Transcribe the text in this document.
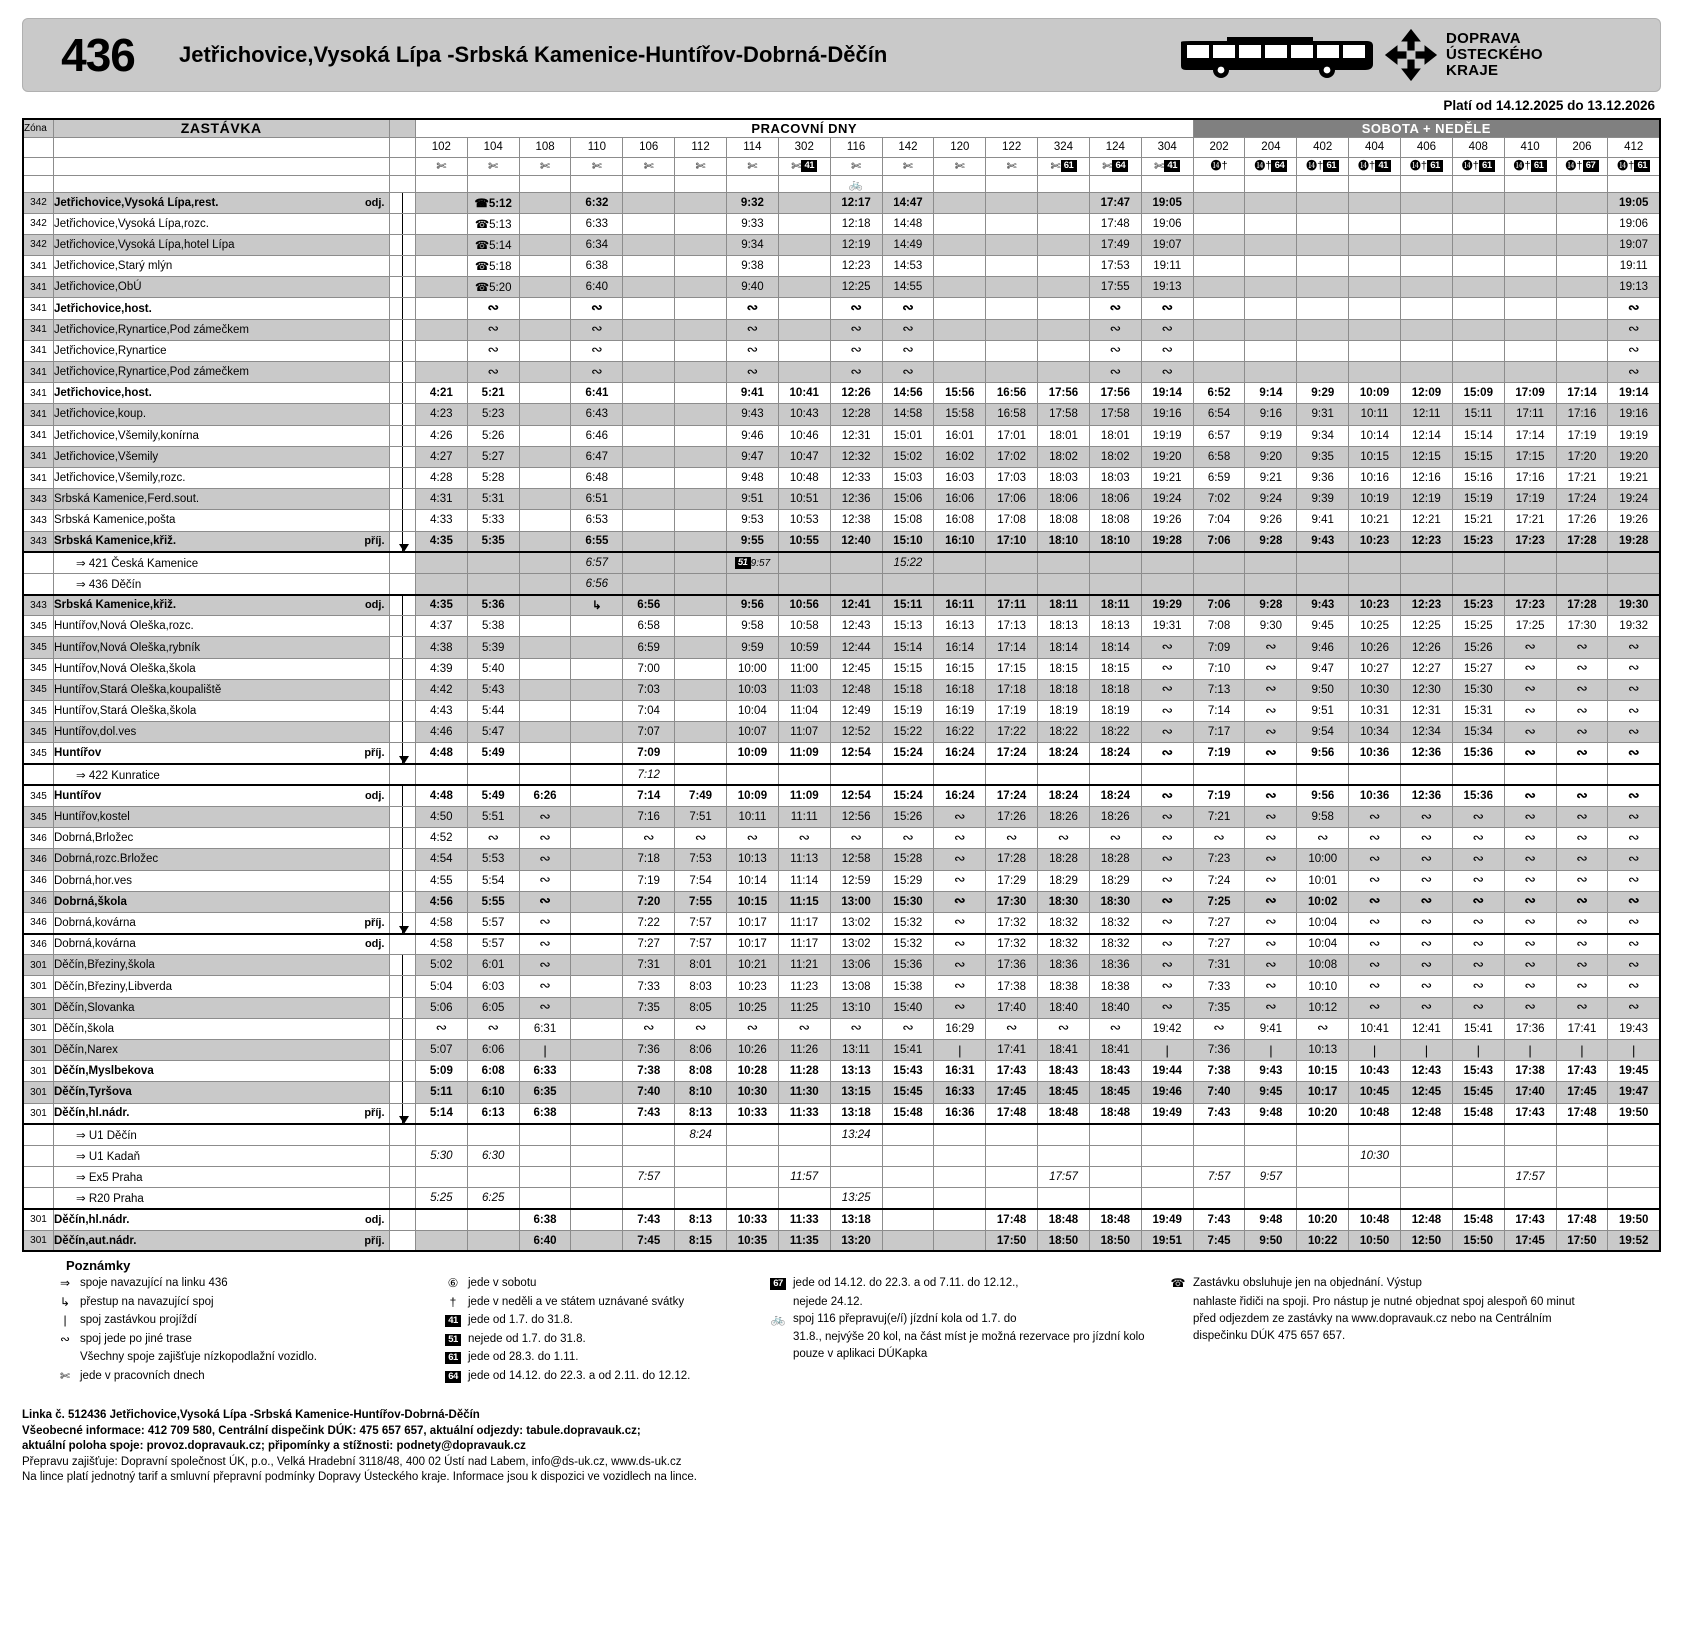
436	Jetřichovice,Vysoká Lípa -Srbská Kamenice-Huntířov-Dobrná-Děčín
DOPRAVA
ÚSTECKÉHO
KRAJE
Platí od 14.12.2025 do 13.12.2026
Zóna	ZASTÁVKA		PRACOVNÍ DNY															SOBOTA + NEDĚLE								
			102	104	108	110	106	112	114	302	116	142	120	122	324	124	304	202	204	402	404	406	408	410	206	412
			✄	✄	✄	✄	✄	✄	✄	✄ 41	✄	✄	✄	✄	✄ 61	✄ 64	✄ 41	⓮†	⓮† 64	⓮† 61	⓮† 41	⓮† 61	⓮† 61	⓮† 61	⓮† 67	⓮† 61
											🚲															
342	Jetřichovice,Vysoká Lípa,rest. odj.			☎5:12		6:32			9:32		12:17	14:47				17:47	19:05									19:05
342	Jetřichovice,Vysoká Lípa,rozc.			☎5:13		6:33			9:33		12:18	14:48				17:48	19:06									19:06
342	Jetřichovice,Vysoká Lípa,hotel Lípa			☎5:14		6:34			9:34		12:19	14:49				17:49	19:07									19:07
341	Jetřichovice,Starý mlýn			☎5:18		6:38			9:38		12:23	14:53				17:53	19:11									19:11
341	Jetřichovice,ObÚ			☎5:20		6:40			9:40		12:25	14:55				17:55	19:13									19:13
341	Jetřichovice,host.			∾		∾			∾		∾	∾				∾	∾									∾
341	Jetřichovice,Rynartice,Pod zámečkem			∾		∾			∾		∾	∾				∾	∾									∾
341	Jetřichovice,Rynartice			∾		∾			∾		∾	∾				∾	∾									∾
341	Jetřichovice,Rynartice,Pod zámečkem			∾		∾			∾		∾	∾				∾	∾									∾
341	Jetřichovice,host.		4:21	5:21		6:41			9:41	10:41	12:26	14:56	15:56	16:56	17:56	17:56	19:14	6:52	9:14	9:29	10:09	12:09	15:09	17:09	17:14	19:14
341	Jetřichovice,koup.		4:23	5:23		6:43			9:43	10:43	12:28	14:58	15:58	16:58	17:58	17:58	19:16	6:54	9:16	9:31	10:11	12:11	15:11	17:11	17:16	19:16
341	Jetřichovice,Všemily,konírna		4:26	5:26		6:46			9:46	10:46	12:31	15:01	16:01	17:01	18:01	18:01	19:19	6:57	9:19	9:34	10:14	12:14	15:14	17:14	17:19	19:19
341	Jetřichovice,Všemily		4:27	5:27		6:47			9:47	10:47	12:32	15:02	16:02	17:02	18:02	18:02	19:20	6:58	9:20	9:35	10:15	12:15	15:15	17:15	17:20	19:20
341	Jetřichovice,Všemily,rozc.		4:28	5:28		6:48			9:48	10:48	12:33	15:03	16:03	17:03	18:03	18:03	19:21	6:59	9:21	9:36	10:16	12:16	15:16	17:16	17:21	19:21
343	Srbská Kamenice,Ferd.sout.		4:31	5:31		6:51			9:51	10:51	12:36	15:06	16:06	17:06	18:06	18:06	19:24	7:02	9:24	9:39	10:19	12:19	15:19	17:19	17:24	19:24
343	Srbská Kamenice,pošta		4:33	5:33		6:53			9:53	10:53	12:38	15:08	16:08	17:08	18:08	18:08	19:26	7:04	9:26	9:41	10:21	12:21	15:21	17:21	17:26	19:26
343	Srbská Kamenice,křiž. příj.		4:35	5:35		6:55			9:55	10:55	12:40	15:10	16:10	17:10	18:10	18:10	19:28	7:06	9:28	9:43	10:23	12:23	15:23	17:23	17:28	19:28
	⇒ 421 Česká Kamenice					6:57			51 9:57			15:22														
	⇒ 436 Děčín					6:56																				
343	Srbská Kamenice,křiž. odj.		4:35	5:36		↳	6:56		9:56	10:56	12:41	15:11	16:11	17:11	18:11	18:11	19:29	7:06	9:28	9:43	10:23	12:23	15:23	17:23	17:28	19:30
345	Huntířov,Nová Oleška,rozc.		4:37	5:38			6:58		9:58	10:58	12:43	15:13	16:13	17:13	18:13	18:13	19:31	7:08	9:30	9:45	10:25	12:25	15:25	17:25	17:30	19:32
345	Huntířov,Nová Oleška,rybník		4:38	5:39			6:59		9:59	10:59	12:44	15:14	16:14	17:14	18:14	18:14	∾	7:09	∾	9:46	10:26	12:26	15:26	∾	∾	∾
345	Huntířov,Nová Oleška,škola		4:39	5:40			7:00		10:00	11:00	12:45	15:15	16:15	17:15	18:15	18:15	∾	7:10	∾	9:47	10:27	12:27	15:27	∾	∾	∾
345	Huntířov,Stará Oleška,koupaliště		4:42	5:43			7:03		10:03	11:03	12:48	15:18	16:18	17:18	18:18	18:18	∾	7:13	∾	9:50	10:30	12:30	15:30	∾	∾	∾
345	Huntířov,Stará Oleška,škola		4:43	5:44			7:04		10:04	11:04	12:49	15:19	16:19	17:19	18:19	18:19	∾	7:14	∾	9:51	10:31	12:31	15:31	∾	∾	∾
345	Huntířov,dol.ves		4:46	5:47			7:07		10:07	11:07	12:52	15:22	16:22	17:22	18:22	18:22	∾	7:17	∾	9:54	10:34	12:34	15:34	∾	∾	∾
345	Huntířov příj.		4:48	5:49			7:09		10:09	11:09	12:54	15:24	16:24	17:24	18:24	18:24	∾	7:19	∾	9:56	10:36	12:36	15:36	∾	∾	∾
	⇒ 422 Kunratice						7:12																			
345	Huntířov odj.		4:48	5:49	6:26		7:14	7:49	10:09	11:09	12:54	15:24	16:24	17:24	18:24	18:24	∾	7:19	∾	9:56	10:36	12:36	15:36	∾	∾	∾
345	Huntířov,kostel		4:50	5:51	∾		7:16	7:51	10:11	11:11	12:56	15:26	∾	17:26	18:26	18:26	∾	7:21	∾	9:58	∾	∾	∾	∾	∾	∾
346	Dobrná,Brložec		4:52	∾	∾		∾	∾	∾	∾	∾	∾	∾	∾	∾	∾	∾	∾	∾	∾	∾	∾	∾	∾	∾	∾
346	Dobrná,rozc.Brložec		4:54	5:53	∾		7:18	7:53	10:13	11:13	12:58	15:28	∾	17:28	18:28	18:28	∾	7:23	∾	10:00	∾	∾	∾	∾	∾	∾
346	Dobrná,hor.ves		4:55	5:54	∾		7:19	7:54	10:14	11:14	12:59	15:29	∾	17:29	18:29	18:29	∾	7:24	∾	10:01	∾	∾	∾	∾	∾	∾
346	Dobrná,škola		4:56	5:55	∾		7:20	7:55	10:15	11:15	13:00	15:30	∾	17:30	18:30	18:30	∾	7:25	∾	10:02	∾	∾	∾	∾	∾	∾
346	Dobrná,kovárna příj.		4:58	5:57	∾		7:22	7:57	10:17	11:17	13:02	15:32	∾	17:32	18:32	18:32	∾	7:27	∾	10:04	∾	∾	∾	∾	∾	∾
346	Dobrná,kovárna odj.		4:58	5:57	∾		7:27	7:57	10:17	11:17	13:02	15:32	∾	17:32	18:32	18:32	∾	7:27	∾	10:04	∾	∾	∾	∾	∾	∾
301	Děčín,Březiny,škola		5:02	6:01	∾		7:31	8:01	10:21	11:21	13:06	15:36	∾	17:36	18:36	18:36	∾	7:31	∾	10:08	∾	∾	∾	∾	∾	∾
301	Děčín,Březiny,Libverda		5:04	6:03	∾		7:33	8:03	10:23	11:23	13:08	15:38	∾	17:38	18:38	18:38	∾	7:33	∾	10:10	∾	∾	∾	∾	∾	∾
301	Děčín,Slovanka		5:06	6:05	∾		7:35	8:05	10:25	11:25	13:10	15:40	∾	17:40	18:40	18:40	∾	7:35	∾	10:12	∾	∾	∾	∾	∾	∾
301	Děčín,škola		∾	∾	6:31		∾	∾	∾	∾	∾	∾	16:29	∾	∾	∾	19:42	∾	9:41	∾	10:41	12:41	15:41	17:36	17:41	19:43
301	Děčín,Narex		5:07	6:06	|		7:36	8:06	10:26	11:26	13:11	15:41	|	17:41	18:41	18:41	|	7:36	|	10:13	|	|	|	|	|	|
301	Děčín,Myslbekova		5:09	6:08	6:33		7:38	8:08	10:28	11:28	13:13	15:43	16:31	17:43	18:43	18:43	19:44	7:38	9:43	10:15	10:43	12:43	15:43	17:38	17:43	19:45
301	Děčín,Tyršova		5:11	6:10	6:35		7:40	8:10	10:30	11:30	13:15	15:45	16:33	17:45	18:45	18:45	19:46	7:40	9:45	10:17	10:45	12:45	15:45	17:40	17:45	19:47
301	Děčín,hl.nádr. příj.		5:14	6:13	6:38		7:43	8:13	10:33	11:33	13:18	15:48	16:36	17:48	18:48	18:48	19:49	7:43	9:48	10:20	10:48	12:48	15:48	17:43	17:48	19:50
	⇒ U1 Děčín							8:24			13:24															
	⇒ U1 Kadaň		5:30	6:30																	10:30					
	⇒ Ex5 Praha						7:57			11:57					17:57			7:57	9:57					17:57		
	⇒ R20 Praha		5:25	6:25							13:25															
301	Děčín,hl.nádr. odj.				6:38		7:43	8:13	10:33	11:33	13:18			17:48	18:48	18:48	19:49	7:43	9:48	10:20	10:48	12:48	15:48	17:43	17:48	19:50
301	Děčín,aut.nádr. příj.				6:40		7:45	8:15	10:35	11:35	13:20			17:50	18:50	18:50	19:51	7:45	9:50	10:22	10:50	12:50	15:50	17:45	17:50	19:52
Poznámky
⇒ spoje navazující na linku 436
↳ přestup na navazující spoj
|	spoj zastávkou projíždí
∾ spoj jede po jiné trase
Všechny spoje zajišťuje nízkopodlažní vozidlo.
✄ jede v pracovních dnech
⑥ jede v sobotu
†	jede v neděli a ve státem uznávané svátky
41 jede od 1.7. do 31.8.
51 nejede od 1.7. do 31.8.
61 jede od 28.3. do 1.11.
64 jede od 14.12. do 22.3. a od 2.11. do 12.12.
67 jede od 14.12. do 22.3. a od 7.11. do 12.12.,
nejede 24.12.
🚲 spoj 116 přepravuj(e/í) jízdní kola od 1.7. do
31.8., nejvýše 20 kol, na část míst je možná rezervace pro jízdní kolo pouze v aplikaci DÚKapka
☎ Zastávku obsluhuje jen na objednání. Výstup
nahlaste řidiči na spoji. Pro nástup je nutné objednat spoj alespoň 60 minut před odjezdem ze zastávky na www.dopravauk.cz nebo na Centrálním dispečinku DÚK 475 657 657.
Linka č. 512436 Jetřichovice,Vysoká Lípa -Srbská Kamenice-Huntířov-Dobrná-Děčín
Všeobecné informace: 412 709 580, Centrální dispečink DÚK: 475 657 657, aktuální odjezdy: tabule.dopravauk.cz;
aktuální poloha spoje: provoz.dopravauk.cz; připomínky a stížnosti: podnety@dopravauk.cz
Přepravu zajišťuje: Dopravní společnost ÚK, p.o., Velká Hradební 3118/48, 400 02 Ústí nad Labem, info@ds-uk.cz, www.ds-uk.cz
Na lince platí jednotný tarif a smluvní přepravní podmínky Dopravy Ústeckého kraje. Informace jsou k dispozici ve vozidlech na lince.
